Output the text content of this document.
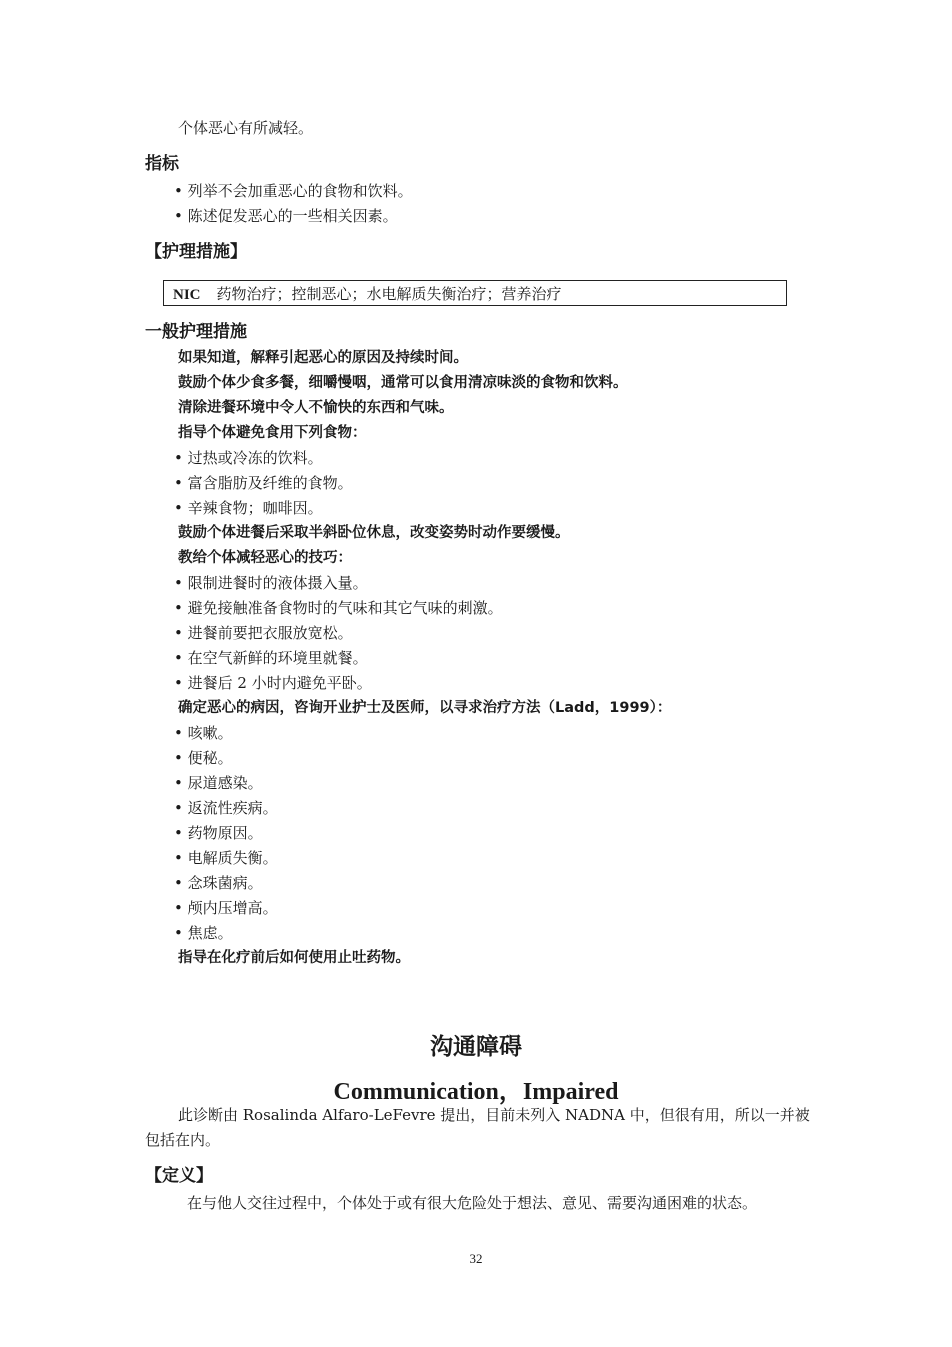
个体恶心有所减轻。
指标
• 列举不会加重恶心的食物和饮料。
• 陈述促发恶心的一些相关因素。
【护理措施】
NIC 药物治疗；控制恶心；水电解质失衡治疗；营养治疗
一般护理措施
如果知道，解释引起恶心的原因及持续时间。
鼓励个体少食多餐，细嚼慢咽，通常可以食用清凉味淡的食物和饮料。
清除进餐环境中令人不愉快的东西和气味。
指导个体避免食用下列食物：
• 过热或冷冻的饮料。
• 富含脂肪及纤维的食物。
• 辛辣食物；咖啡因。
鼓励个体进餐后采取半斜卧位休息，改变姿势时动作要缓慢。
教给个体减轻恶心的技巧：
• 限制进餐时的液体摄入量。
• 避免接触准备食物时的气味和其它气味的刺激。
• 进餐前要把衣服放宽松。
• 在空气新鲜的环境里就餐。
• 进餐后 2 小时内避免平卧。
确定恶心的病因，咨询开业护士及医师，以寻求治疗方法（Ladd，1999）：
• 咳嗽。
• 便秘。
• 尿道感染。
• 返流性疾病。
• 药物原因。
• 电解质失衡。
• 念珠菌病。
• 颅内压增高。
• 焦虑。
指导在化疗前后如何使用止吐药物。
沟通障碍
Communication，Impaired
此诊断由 Rosalinda Alfaro-LeFevre 提出，目前未列入 NADNA 中，但很有用，所以一并被包括在内。
【定义】
在与他人交往过程中，个体处于或有很大危险处于想法、意见、需要沟通困难的状态。
32
